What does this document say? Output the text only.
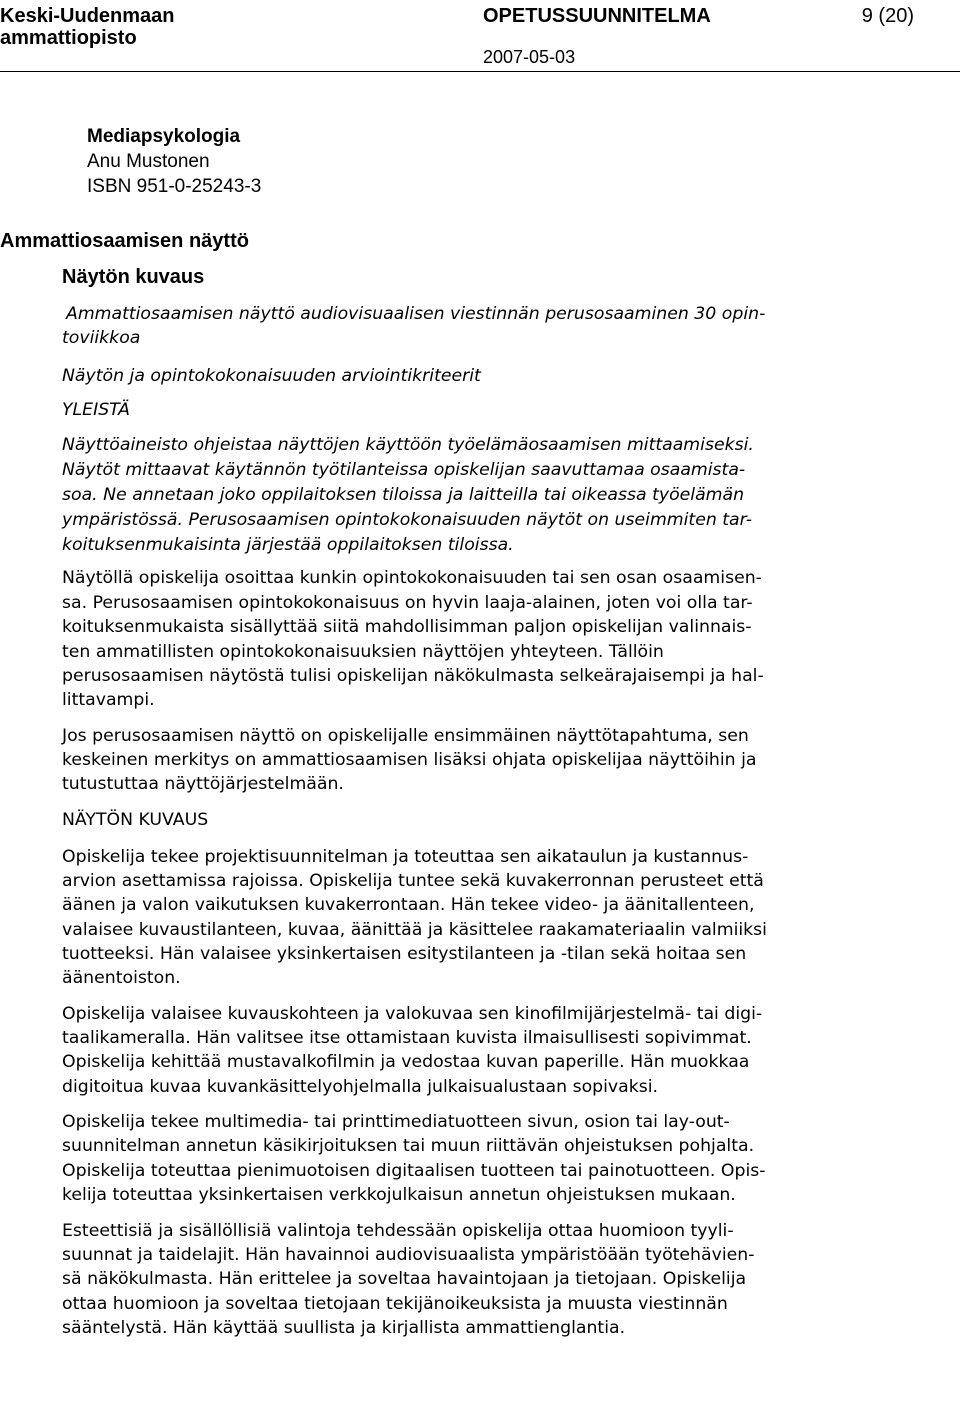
Keski-Uudenmaan
ammattiopisto
OPETUSSUUNNITELMA	9 (20)
2007-05-03
Mediapsykologia
Anu Mustonen
ISBN 951-0-25243-3
Ammattiosaamisen näyttö
Näytön kuvaus
Ammattiosaamisen näyttö audiovisuaalisen viestinnän perusosaaminen 30 opin-
toviikkoa
Näytön ja opintokokonaisuuden arviointikriteerit
YLEISTÄ
Näyttöaineisto ohjeistaa näyttöjen käyttöön työelämäosaamisen mittaamiseksi.
Näytöt mittaavat käytännön työtilanteissa opiskelijan saavuttamaa osaamista-
soa. Ne annetaan joko oppilaitoksen tiloissa ja laitteilla tai oikeassa työelämän
ympäristössä. Perusosaamisen opintokokonaisuuden näytöt on useimmiten tar-
koituksenmukaisinta järjestää oppilaitoksen tiloissa.
Näytöllä opiskelija osoittaa kunkin opintokokonaisuuden tai sen osan osaamisen-
sa. Perusosaamisen opintokokonaisuus on hyvin laaja-alainen, joten voi olla tar-
koituksenmukaista sisällyttää siitä mahdollisimman paljon opiskelijan valinnais-
ten ammatillisten opintokokonaisuuksien näyttöjen yhteyteen. Tällöin
perusosaamisen näytöstä tulisi opiskelijan näkökulmasta selkeärajaisempi ja hal-
littavampi.
Jos perusosaamisen näyttö on opiskelijalle ensimmäinen näyttötapahtuma, sen
keskeinen merkitys on ammattiosaamisen lisäksi ohjata opiskelijaa näyttöihin ja
tutustuttaa näyttöjärjestelmään.
NÄYTÖN KUVAUS
Opiskelija tekee projektisuunnitelman ja toteuttaa sen aikataulun ja kustannus-
arvion asettamissa rajoissa. Opiskelija tuntee sekä kuvakerronnan perusteet että
äänen ja valon vaikutuksen kuvakerrontaan. Hän tekee video- ja äänitallenteen,
valaisee kuvaustilanteen, kuvaa, äänittää ja käsittelee raakamateriaalin valmiiksi
tuotteeksi. Hän valaisee yksinkertaisen esitystilanteen ja -tilan sekä hoitaa sen
äänentoiston.
Opiskelija valaisee kuvauskohteen ja valokuvaa sen kinofilmijärjestelmä- tai digi-
taalikameralla. Hän valitsee itse ottamistaan kuvista ilmaisullisesti sopivimmat.
Opiskelija kehittää mustavalkofilmin ja vedostaa kuvan paperille. Hän muokkaa
digitoitua kuvaa kuvankäsittelyohjelmalla julkaisualustaan sopivaksi.
Opiskelija tekee multimedia- tai printtimediatuotteen sivun, osion tai lay-out-
suunnitelman annetun käsikirjoituksen tai muun riittävän ohjeistuksen pohjalta.
Opiskelija toteuttaa pienimuotoisen digitaalisen tuotteen tai painotuotteen. Opis-
kelija toteuttaa yksinkertaisen verkkojulkaisun annetun ohjeistuksen mukaan.
Esteettisiä ja sisällöllisiä valintoja tehdessään opiskelija ottaa huomioon tyyli-
suunnat ja taidelajit. Hän havainnoi audiovisuaalista ympäristöään työtehävien-
sä näkökulmasta. Hän erittelee ja soveltaa havaintojaan ja tietojaan. Opiskelija
ottaa huomioon ja soveltaa tietojaan tekijänoikeuksista ja muusta viestinnän
sääntelystä. Hän käyttää suullista ja kirjallista ammattienglantia.
